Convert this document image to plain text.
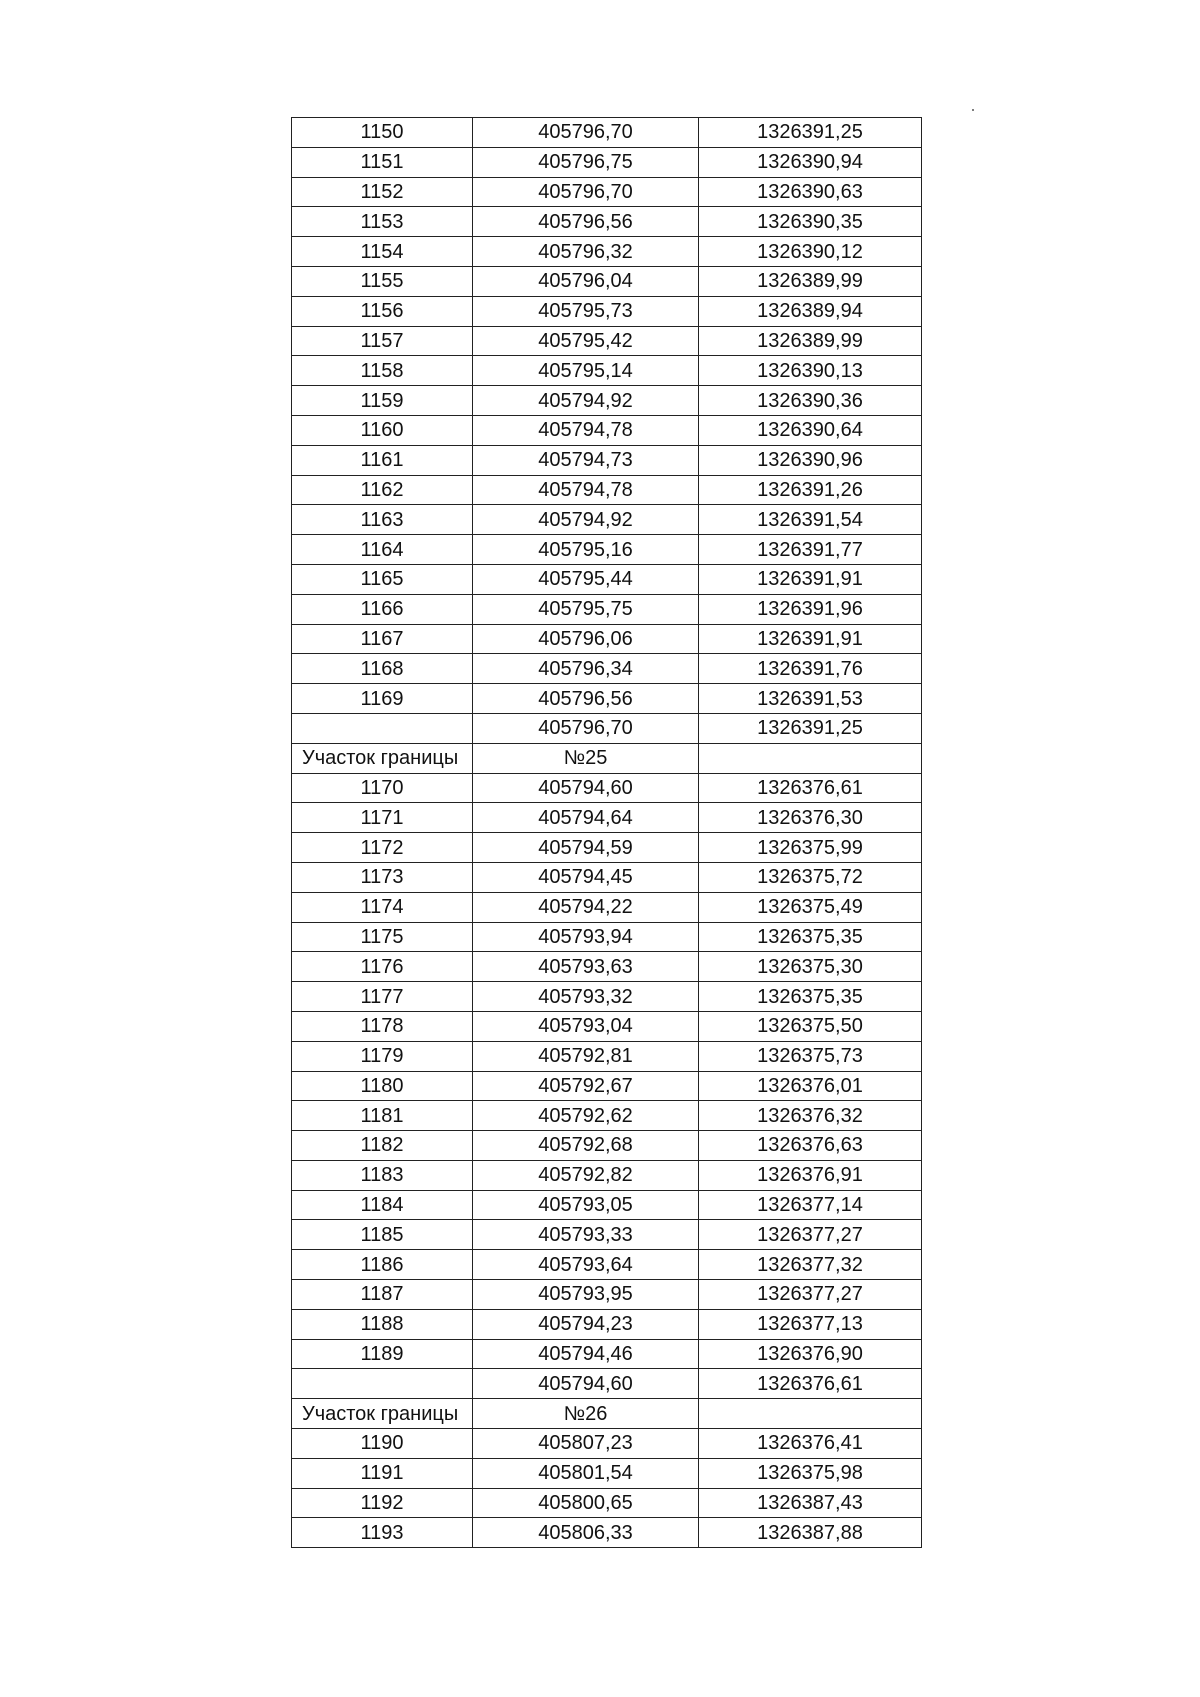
1150	405796,70	1326391,25
1151	405796,75	1326390,94
1152	405796,70	1326390,63
1153	405796,56	1326390,35
1154	405796,32	1326390,12
1155	405796,04	1326389,99
1156	405795,73	1326389,94
1157	405795,42	1326389,99
1158	405795,14	1326390,13
1159	405794,92	1326390,36
1160	405794,78	1326390,64
1161	405794,73	1326390,96
1162	405794,78	1326391,26
1163	405794,92	1326391,54
1164	405795,16	1326391,77
1165	405795,44	1326391,91
1166	405795,75	1326391,96
1167	405796,06	1326391,91
1168	405796,34	1326391,76
1169	405796,56	1326391,53
	405796,70	1326391,25
Участок границы	№25	
1170	405794,60	1326376,61
1171	405794,64	1326376,30
1172	405794,59	1326375,99
1173	405794,45	1326375,72
1174	405794,22	1326375,49
1175	405793,94	1326375,35
1176	405793,63	1326375,30
1177	405793,32	1326375,35
1178	405793,04	1326375,50
1179	405792,81	1326375,73
1180	405792,67	1326376,01
1181	405792,62	1326376,32
1182	405792,68	1326376,63
1183	405792,82	1326376,91
1184	405793,05	1326377,14
1185	405793,33	1326377,27
1186	405793,64	1326377,32
1187	405793,95	1326377,27
1188	405794,23	1326377,13
1189	405794,46	1326376,90
	405794,60	1326376,61
Участок границы	№26	
1190	405807,23	1326376,41
1191	405801,54	1326375,98
1192	405800,65	1326387,43
1193	405806,33	1326387,88
